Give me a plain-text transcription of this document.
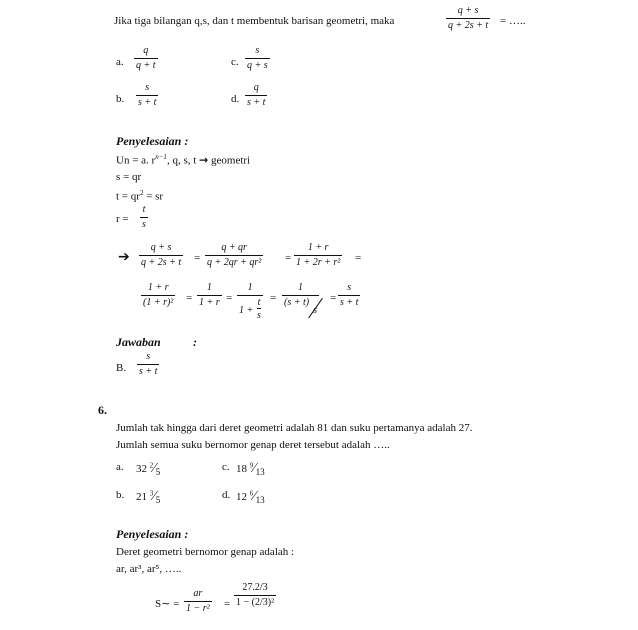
Jika tiga bilangan q,s, dan t membentuk barisan geometri, maka	$\frac{q + s}{q + 2s + t}$ = …..
a. $\frac{q}{q + t}$	c. $\frac{s}{q + s}$
b. $\frac{s}{s + t}$	d. $\frac{q}{s + t}$
Penyelesaian :
Un = a. $r^{n-1}$, q, s, t → geometri
s = qr
$t = qr^2$ = sr
$r = \frac{t}{s}$
➔ $\frac{q + s}{q + 2s + t} = \frac{q + qr}{\text{q + 2qr + qr²}} = \frac{1 + r}{\text{1 + 2r + r²}}$ =
$\frac{1 + r}{\text{(1 + r)²}} = \frac{1}{1 + r} = \frac{1}{1 + \frac{t}{s}} = 1$
(s + t)
$s = \frac{s}{s + t}$
Jawaban	:
B. $\frac{s}{s + t}$
6.
Jumlah tak hingga dari deret geometri adalah 81 dan suku pertamanya adalah 27.
Jumlah semua suku bernomor genap deret tersebut adalah …..
a. 32 $^2∕_5$	c. 18 $^9∕_{13}$
b. 21 $^3∕_5$	d. 12 $^6∕_{13}$
Penyelesaian :
Deret geometri bernomor genap adalah :
ar, ar³, ar⁵, …..
S∼ = $\frac{ar}{\text{1 − r²}} = \frac{27.2/3}{\text{1 − (2/3)²}}$
